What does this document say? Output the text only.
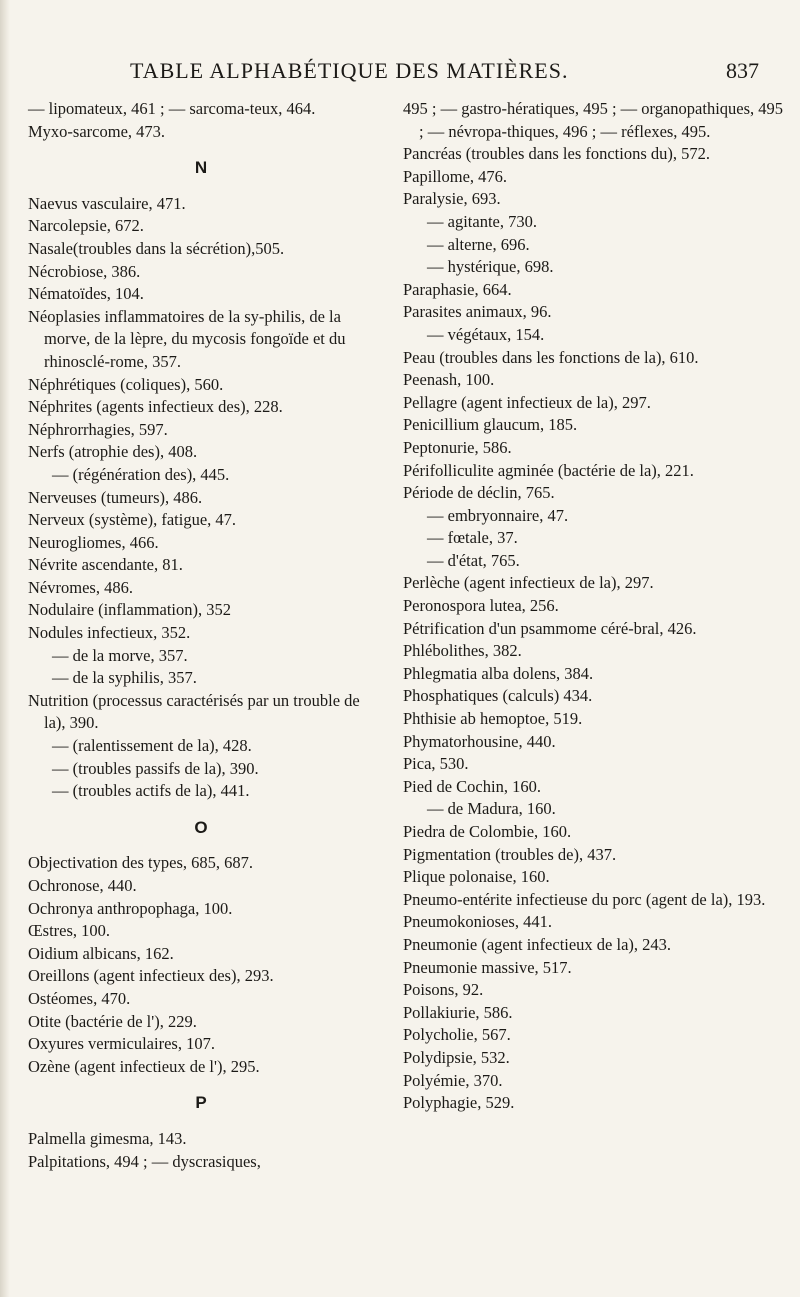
TABLE ALPHABÉTIQUE DES MATIÈRES.	837

— lipomateux, 461 ; — sarcoma-teux, 464.

Myxo-sarcome, 473.

N

Naevus vasculaire, 471.

Narcolepsie, 672.

Nasale(troubles dans la sécrétion),505.

Nécrobiose, 386.

Nématoïdes, 104.

Néoplasies inflammatoires de la sy-philis, de la morve, de la lèpre, du mycosis fongoïde et du rhinosclé-rome, 357.

Néphrétiques (coliques), 560.

Néphrites (agents infectieux des), 228.

Néphrorrhagies, 597.

Nerfs (atrophie des), 408.

— (régénération des), 445.

Nerveuses (tumeurs), 486.

Nerveux (système), fatigue, 47.

Neurogliomes, 466.

Névrite ascendante, 81.

Névromes, 486.

Nodulaire (inflammation), 352

Nodules infectieux, 352.

— de la morve, 357.

— de la syphilis, 357.

Nutrition (processus caractérisés par un trouble de la), 390.

— (ralentissement de la), 428.

— (troubles passifs de la), 390.

— (troubles actifs de la), 441.

O

Objectivation des types, 685, 687.

Ochronose, 440.

Ochronya anthropophaga, 100.

Œstres, 100.

Oidium albicans, 162.

Oreillons (agent infectieux des), 293.

Ostéomes, 470.

Otite (bactérie de l'), 229.

Oxyures vermiculaires, 107.

Ozène (agent infectieux de l'), 295.

P

Palmella gimesma, 143.

Palpitations, 494 ; — dyscrasiques,

495 ; — gastro-hératiques, 495 ; — organopathiques, 495 ; — névropa-thiques, 496 ; — réflexes, 495.

Pancréas (troubles dans les fonctions du), 572.

Papillome, 476.

Paralysie, 693.

— agitante, 730.

— alterne, 696.

— hystérique, 698.

Paraphasie, 664.

Parasites animaux, 96.

— végétaux, 154.

Peau (troubles dans les fonctions de la), 610.

Peenash, 100.

Pellagre (agent infectieux de la), 297.

Penicillium glaucum, 185.

Peptonurie, 586.

Périfolliculite agminée (bactérie de la), 221.

Période de déclin, 765.

— embryonnaire, 47.

— fœtale, 37.

— d'état, 765.

Perlèche (agent infectieux de la), 297.

Peronospora lutea, 256.

Pétrification d'un psammome céré-bral, 426.

Phlébolithes, 382.

Phlegmatia alba dolens, 384.

Phosphatiques (calculs) 434.

Phthisie ab hemoptoe, 519.

Phymatorhousine, 440.

Pica, 530.

Pied de Cochin, 160.

— de Madura, 160.

Piedra de Colombie, 160.

Pigmentation (troubles de), 437.

Plique polonaise, 160.

Pneumo-entérite infectieuse du porc (agent de la), 193.

Pneumokonioses, 441.

Pneumonie (agent infectieux de la), 243.

Pneumonie massive, 517.

Poisons, 92.

Pollakiurie, 586.

Polycholie, 567.

Polydipsie, 532.

Polyémie, 370.

Polyphagie, 529.
